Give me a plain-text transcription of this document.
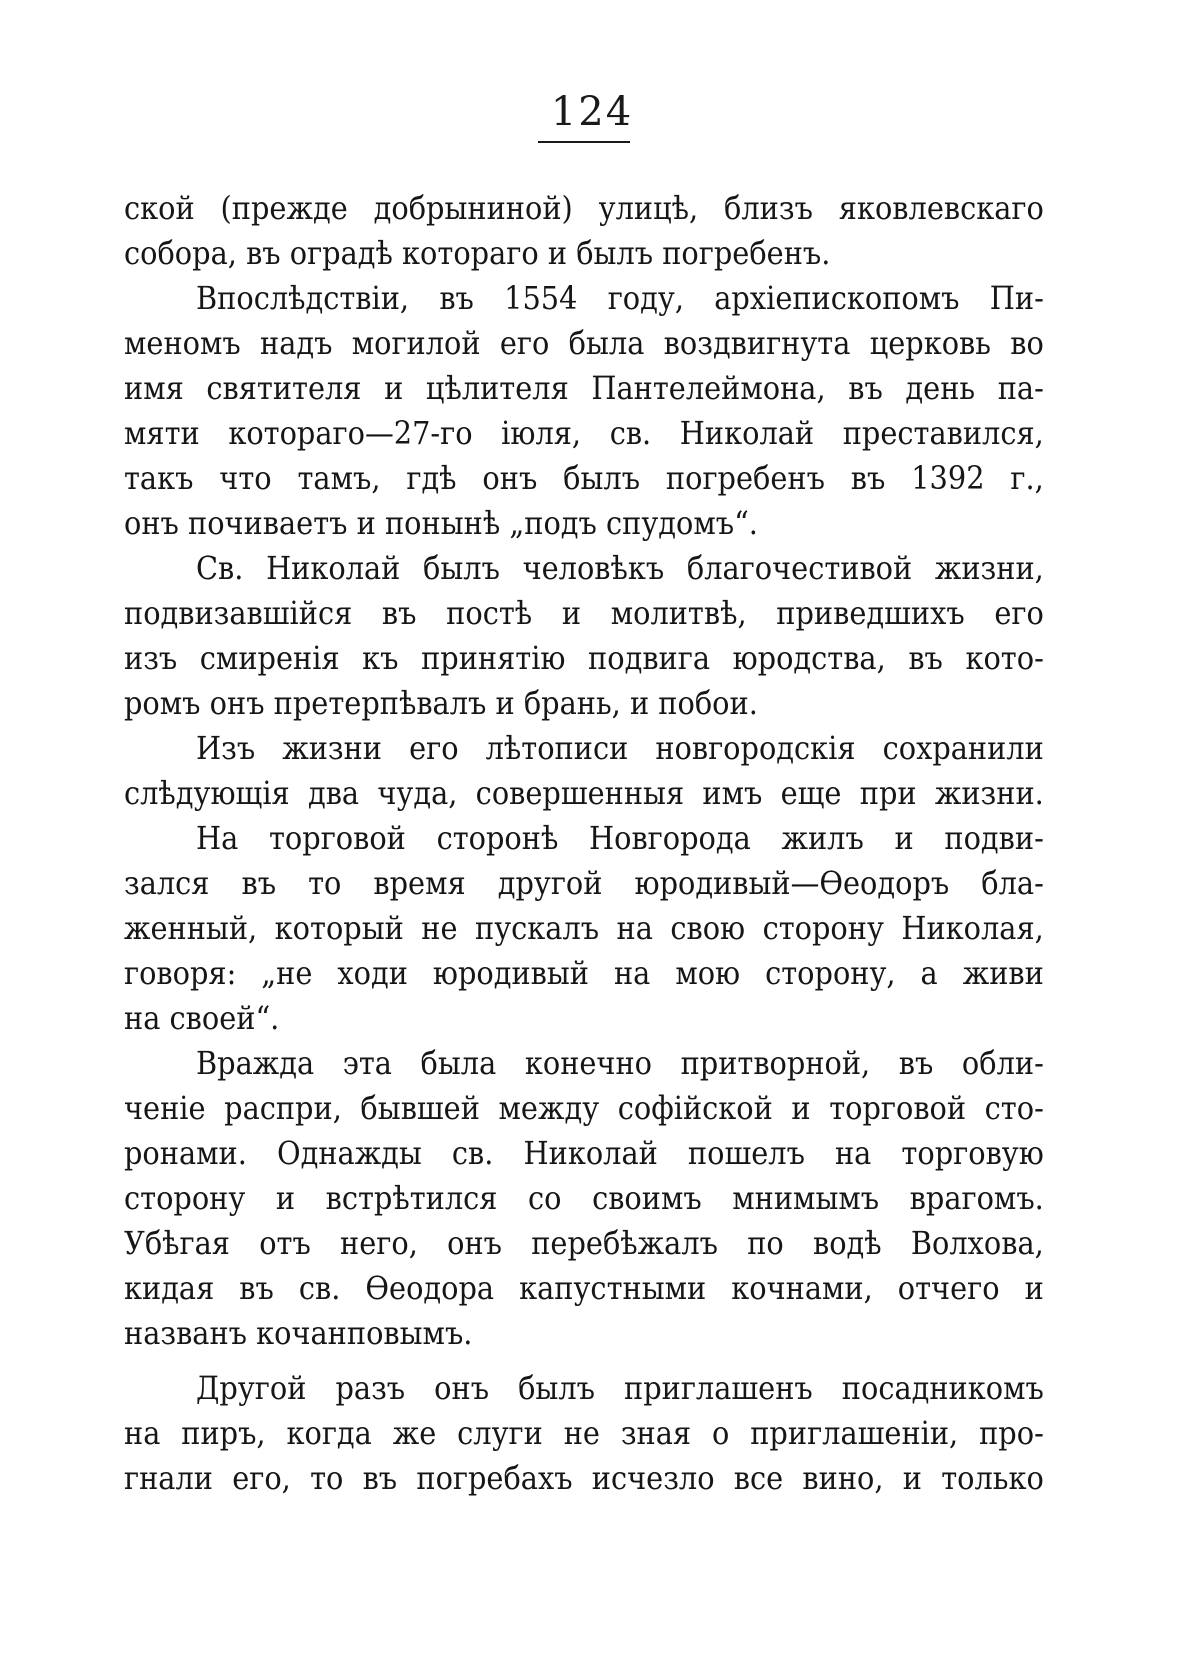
124
ской (прежде добрыниной) улицѣ, близъ яковлевскаго
собора, въ оградѣ котораго и былъ погребенъ.
Впослѣдствіи, въ 1554 году, архіепископомъ Пи-
меномъ надъ могилой его была воздвигнута церковь во
имя святителя и цѣлителя Пантелеймона, въ день па-
мяти котораго—27-го іюля, св. Николай преставился,
такъ что тамъ, гдѣ онъ былъ погребенъ въ 1392 г.,
онъ почиваетъ и понынѣ „подъ спудомъ“.
Св. Николай былъ человѣкъ благочестивой жизни,
подвизавшійся въ постѣ и молитвѣ, приведшихъ его
изъ смиренія къ принятію подвига юродства, въ кото-
ромъ онъ претерпѣвалъ и брань, и побои.
Изъ жизни его лѣтописи новгородскія сохранили
слѣдующія два чуда, совершенныя имъ еще при жизни.
На торговой сторонѣ Новгорода жилъ и подви-
зался въ то время другой юродивый—Өеодоръ бла-
женный, который не пускалъ на свою сторону Николая,
говоря: „не ходи юродивый на мою сторону, а живи
на своей“.
Вражда эта была конечно притворной, въ обли-
ченіе распри, бывшей между софійской и торговой сто-
ронами. Однажды св. Николай пошелъ на торговую
сторону и встрѣтился со своимъ мнимымъ врагомъ.
Убѣгая отъ него, онъ перебѣжалъ по водѣ Волхова,
кидая въ св. Өеодора капустными кочнами, отчего и
названъ кочанповымъ.
Другой разъ онъ былъ приглашенъ посадникомъ
на пиръ, когда же слуги не зная о приглашеніи, про-
гнали его, то въ погребахъ исчезло все вино, и только
